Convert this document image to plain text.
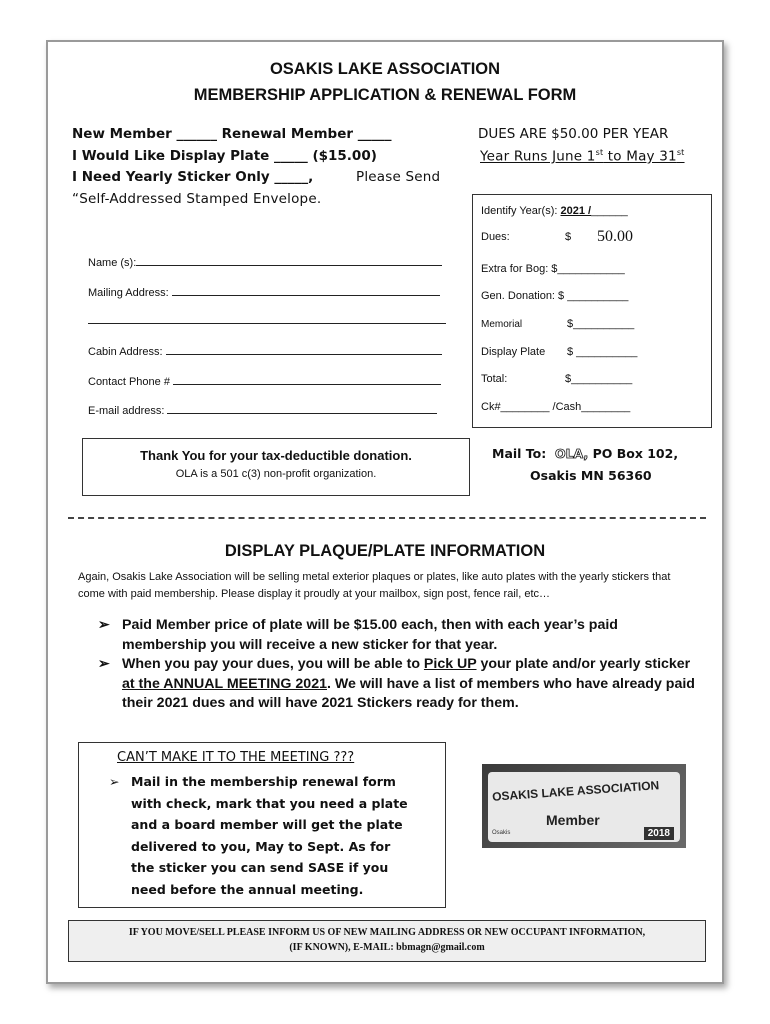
OSAKIS LAKE ASSOCIATION
MEMBERSHIP APPLICATION & RENEWAL FORM
New Member ______ Renewal Member _____
I Would Like Display Plate _____ ($15.00)
I Need Yearly Sticker Only _____,	Please Send
“Self-Addressed Stamped Envelope.
DUES ARE $50.00 PER YEAR
Year Runs June 1st to May 31st
Name (s):
Mailing Address:
Cabin Address:
Contact Phone #
E-mail address:
Identify Year(s): 2021 /______
Dues:	$ 50.00
Extra for Bog: $___________
Gen. Donation: $ __________
Memorial	$__________
Display Plate $ __________
Total:	$__________
Ck#________ /Cash________
Thank You for your tax-deductible donation.
OLA is a 501 c(3) non-profit organization.
Mail To: OLA, PO Box 102,
Osakis MN 56360
DISPLAY PLAQUE/PLATE INFORMATION
Again, Osakis Lake Association will be selling metal exterior plaques or plates, like auto plates with the yearly stickers that come with paid membership. Please display it proudly at your mailbox, sign post, fence rail, etc…
➢ Paid Member price of plate will be $15.00 each, then with each year’s paid membership you will receive a new sticker for that year.
➢ When you pay your dues, you will be able to Pick UP your plate and/or yearly sticker at the ANNUAL MEETING 2021. We will have a list of members who have already paid their 2021 dues and will have 2021 Stickers ready for them.
CAN’T MAKE IT TO THE MEETING ???
➢ Mail in the membership renewal form
with check, mark that you need a plate
and a board member will get the plate
delivered to you, May to Sept. As for
the sticker you can send SASE if you
need before the annual meeting.
OSAKIS LAKE ASSOCIATION
Member
Osakis	2018
IF YOU MOVE/SELL PLEASE INFORM US OF NEW MAILING ADDRESS OR NEW OCCUPANT INFORMATION,
(IF KNOWN), E-MAIL: bbmagn@gmail.com
